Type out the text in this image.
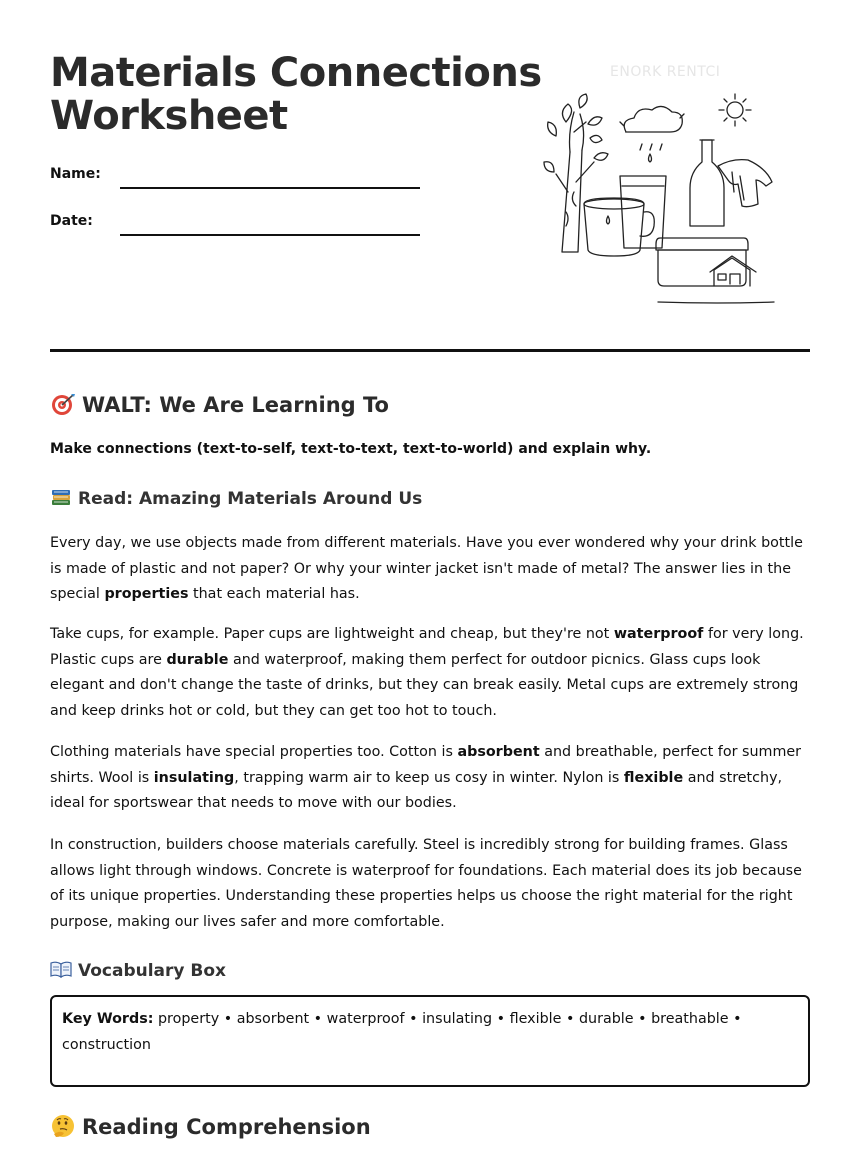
Materials Connections
Worksheet
Name:
Date:
ENORK RENTCI
WALT: We Are Learning To

Make connections (text-to-self, text-to-text, text-to-world) and explain why.

Read: Amazing Materials Around Us

Every day, we use objects made from different materials. Have you ever wondered why your drink bottle is made of plastic and not paper? Or why your winter jacket isn't made of metal? The answer lies in the special properties that each material has.

Take cups, for example. Paper cups are lightweight and cheap, but they're not waterproof for very long. Plastic cups are durable and waterproof, making them perfect for outdoor picnics. Glass cups look elegant and don't change the taste of drinks, but they can break easily. Metal cups are extremely strong and keep drinks hot or cold, but they can get too hot to touch.

Clothing materials have special properties too. Cotton is absorbent and breathable, perfect for summer shirts. Wool is insulating, trapping warm air to keep us cosy in winter. Nylon is flexible and stretchy, ideal for sportswear that needs to move with our bodies.

In construction, builders choose materials carefully. Steel is incredibly strong for building frames. Glass allows light through windows. Concrete is waterproof for foundations. Each material does its job because of its unique properties. Understanding these properties helps us choose the right material for the right purpose, making our lives safer and more comfortable.

Vocabulary Box
Key Words: property • absorbent • waterproof • insulating • flexible • durable • breathable • construction
Reading Comprehension
